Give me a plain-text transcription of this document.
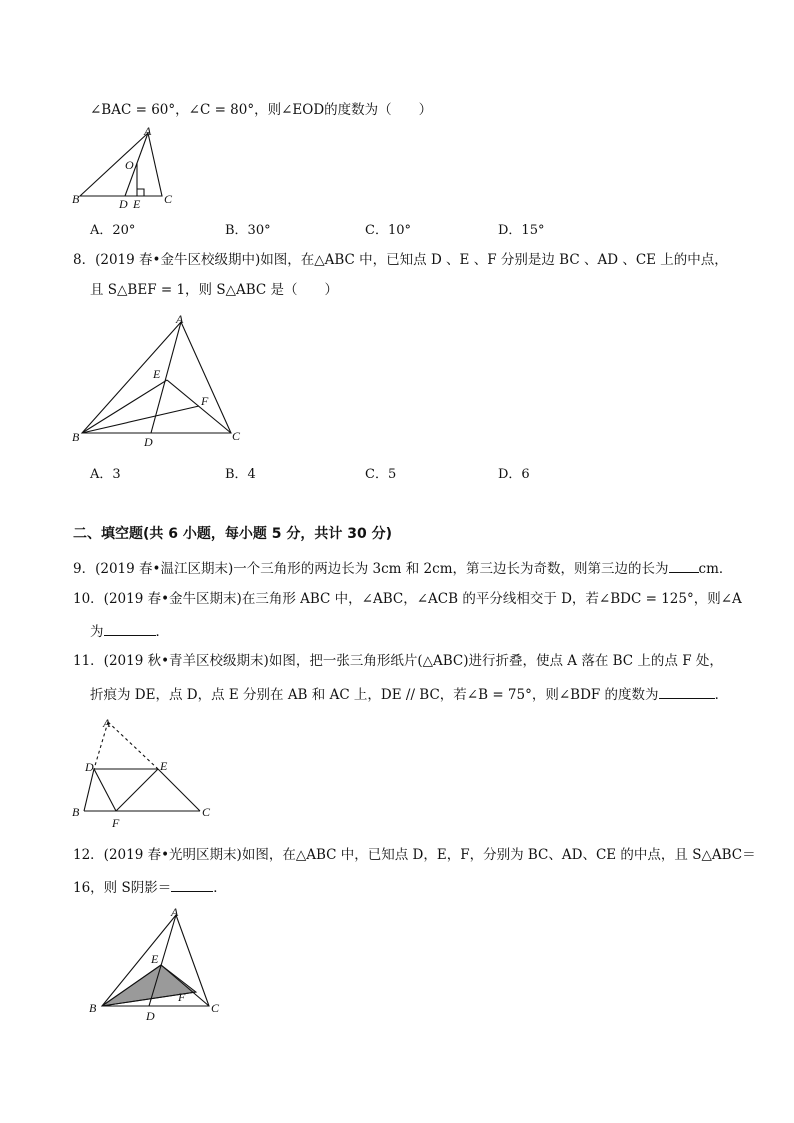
∠BAC = 60°，∠C = 80°，则∠EOD的度数为（　　）
A
O
B	D E C
A．20°	B．30°	C．10°	D．15°
8．(2019 春•金牛区校级期中)如图，在△ABC 中，已知点 D 、E 、F 分别是边 BC 、AD 、CE 上的中点，
且 S△BEF = 1，则 S△ABC 是（　　）
A
E
F
B	D	C
A．3	B．4	C．5	D．6
二、填空题(共 6 小题，每小题 5 分，共计 30 分)
9．(2019 春•温江区期末)一个三角形的两边长为 3cm 和 2cm，第三边长为奇数，则第三边的长为 cm．
10．(2019 春•金牛区期末)在三角形 ABC 中，∠ABC，∠ACB 的平分线相交于 D，若∠BDC = 125°，则∠A
为	．
11．(2019 秋•青羊区校级期末)如图，把一张三角形纸片(△ABC)进行折叠，使点 A 落在 BC 上的点 F 处，
折痕为 DE，点 D，点 E 分别在 AB 和 AC 上，DE // BC，若∠B = 75°，则∠BDF 的度数为	．
A
D	E
B
F
C
12．(2019 春•光明区期末)如图，在△ABC 中，已知点 D，E，F，分别为 BC、AD、CE 的中点，且 S△ABC＝
16，则 S阴影＝	．
A
E
F
B
D
C
